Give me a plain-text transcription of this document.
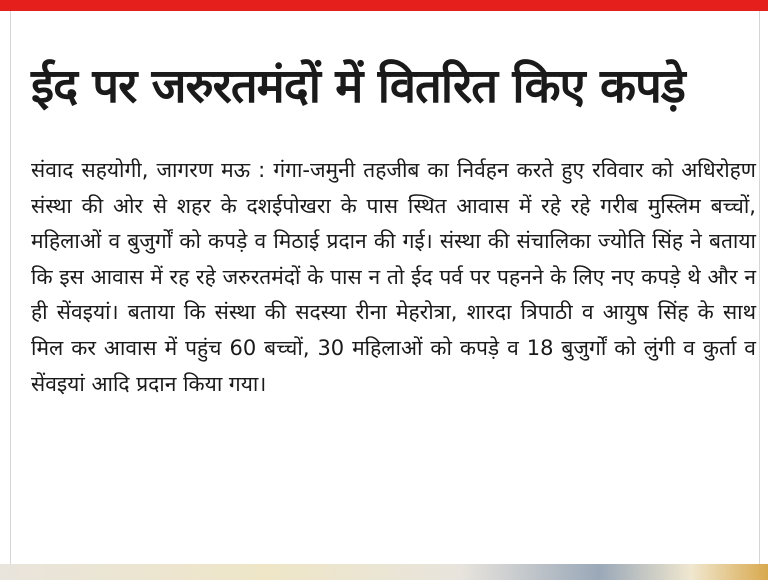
ईद पर जरुरतमंदों में वितरित किए कपड़े

संवाद सहयोगी, जागरण मऊ : गंगा-जमुनी तहजीब का निर्वहन करते हुए रविवार को अधिरोहण संस्था की ओर से शहर के दशईपोखरा के पास स्थित आवास में रहे रहे गरीब मुस्लिम बच्चों, महिलाओं व बुजुर्गों को कपड़े व मिठाई प्रदान की गई। संस्था की संचालिका ज्योति सिंह ने बताया कि इस आवास में रह रहे जरुरतमंदों के पास न तो ईद पर्व पर पहनने के लिए नए कपड़े थे और न ही सेंवइयां। बताया कि संस्था की सदस्या रीना मेहरोत्रा, शारदा त्रिपाठी व आयुष सिंह के साथ मिल कर आवास में पहुंच 60 बच्चों, 30 महिलाओं को कपड़े व 18 बुजुर्गों को लुंगी व कुर्ता व सेंवइयां आदि प्रदान किया गया।
